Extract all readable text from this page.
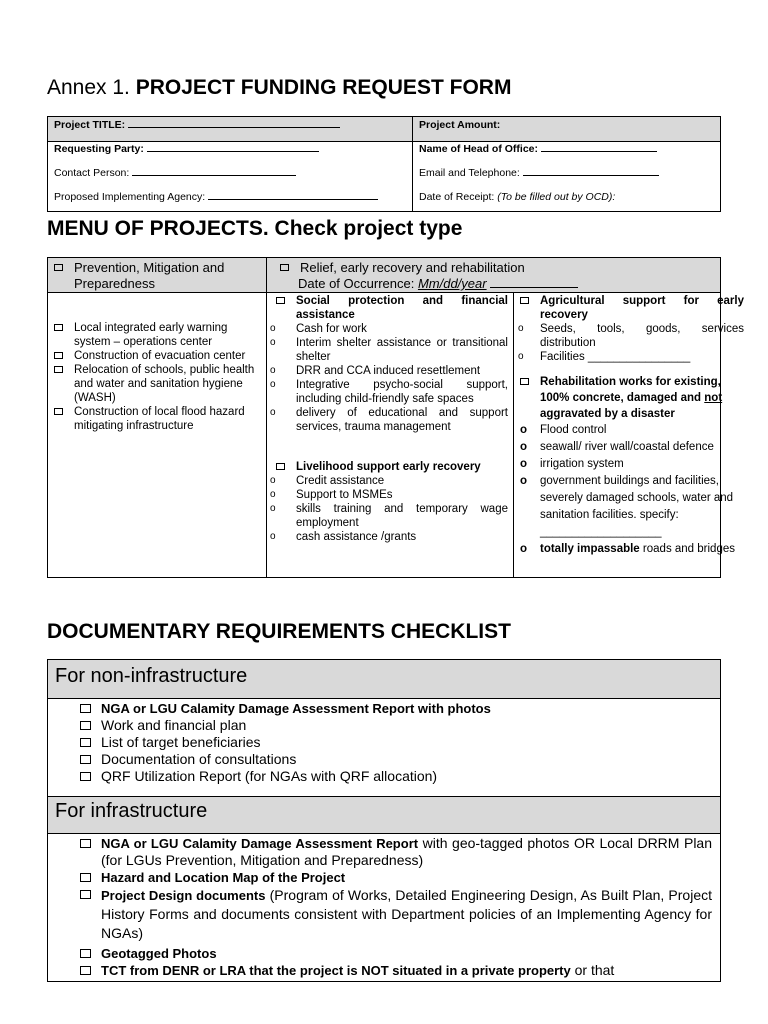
Annex 1. PROJECT FUNDING REQUEST FORM
Project TITLE:	Project Amount:
Requesting Party:	Name of Head of Office:
Contact Person:	Email and Telephone:
Proposed Implementing Agency:	Date of Receipt: (To be filled out by OCD):
MENU OF PROJECTS. Check project type
Prevention, Mitigation and Preparedness
Relief, early recovery and rehabilitation
Date of Occurrence: Mm/dd/year
Local integrated early warning system – operations center
Construction of evacuation center
Relocation of schools, public health and water and sanitation hygiene (WASH)
Construction of local flood hazard mitigating infrastructure
Social protection and financial assistance
o	Cash for work
o	Interim shelter assistance or transitional shelter
o	DRR and CCA induced resettlement
o	Integrative psycho-social support, including child-friendly safe spaces
o	delivery of educational and support services, trauma management
Livelihood support early recovery
o	Credit assistance
o	Support to MSMEs
o	skills training and temporary wage employment
o	cash assistance /grants
Agricultural support for early recovery
o	Seeds, tools, goods, services distribution
o	Facilities ________________
Rehabilitation works for existing, 100% concrete, damaged and not aggravated by a disaster
o Flood control
o seawall/ river wall/coastal defence
o irrigation system
o government buildings and facilities, severely damaged schools, water and sanitation facilities. specify:
___________________
o totally impassable roads and bridges
DOCUMENTARY REQUIREMENTS CHECKLIST
For non-infrastructure
NGA or LGU Calamity Damage Assessment Report with photos
Work and financial plan
List of target beneficiaries
Documentation of consultations
QRF Utilization Report (for NGAs with QRF allocation)
For infrastructure
NGA or LGU Calamity Damage Assessment Report with geo-tagged photos OR Local DRRM Plan (for LGUs Prevention, Mitigation and Preparedness)
Hazard and Location Map of the Project
Project Design documents (Program of Works, Detailed Engineering Design, As Built Plan, Project History Forms and documents consistent with Department policies of an Implementing Agency for NGAs)
Geotagged Photos
TCT from DENR or LRA that the project is NOT situated in a private property or that
